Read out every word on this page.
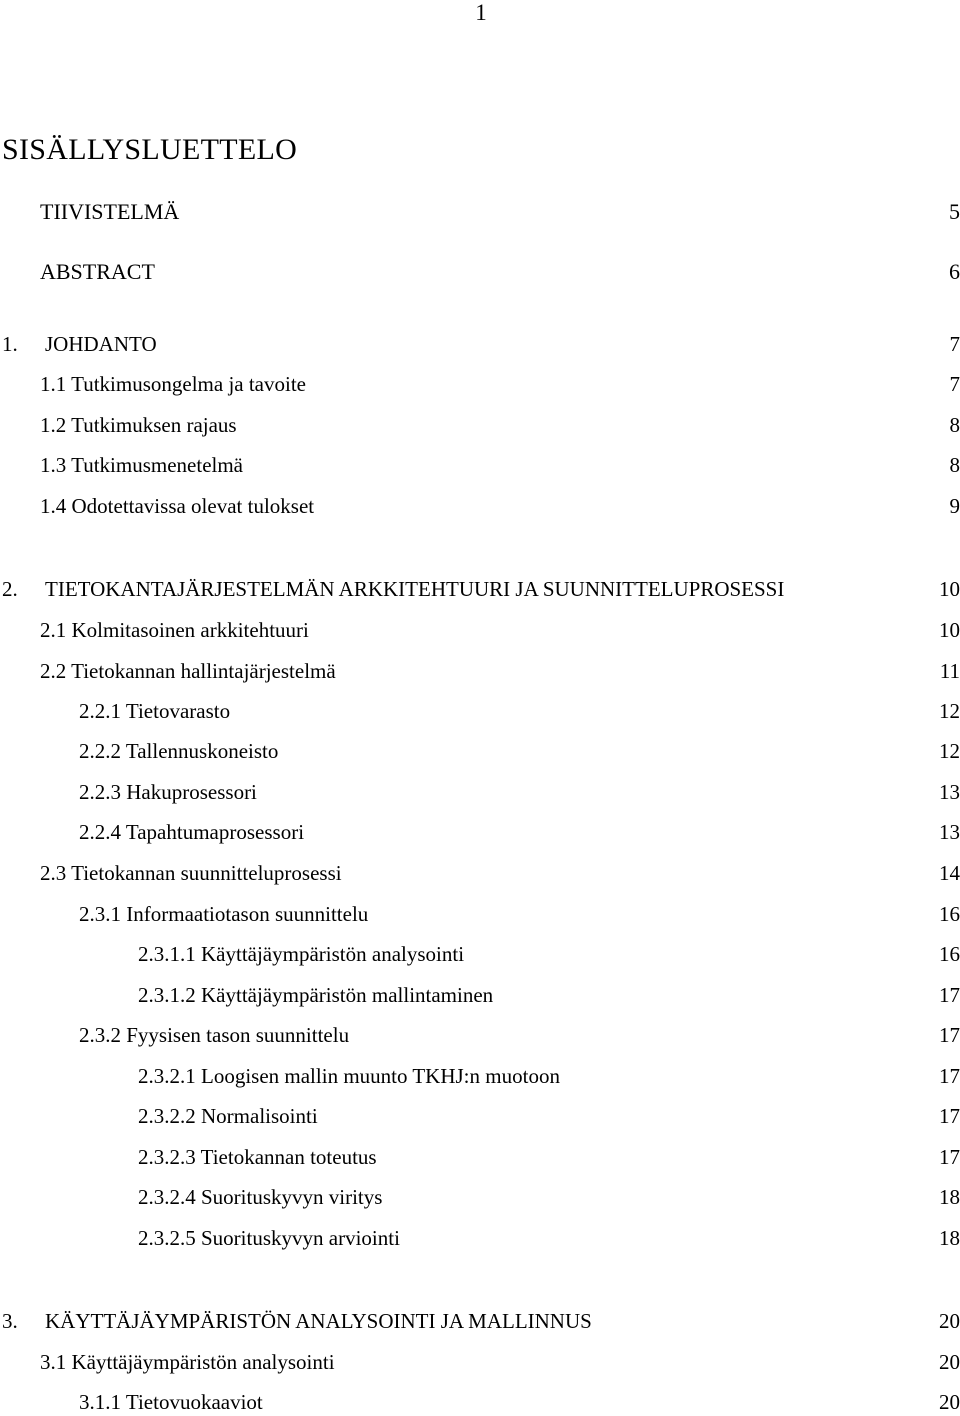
1
SISÄLLYSLUETTELO
TIIVISTELMÄ	5
ABSTRACT	6
1. JOHDANTO	7
1.1 Tutkimusongelma ja tavoite	7
1.2 Tutkimuksen rajaus	8
1.3 Tutkimusmenetelmä	8
1.4 Odotettavissa olevat tulokset	9
2. TIETOKANTAJÄRJESTELMÄN ARKKITEHTUURI JA SUUNNITTELUPROSESSI	10
2.1 Kolmitasoinen arkkitehtuuri	10
2.2 Tietokannan hallintajärjestelmä	11
2.2.1 Tietovarasto	12
2.2.2 Tallennuskoneisto	12
2.2.3 Hakuprosessori	13
2.2.4 Tapahtumaprosessori	13
2.3 Tietokannan suunnitteluprosessi	14
2.3.1 Informaatiotason suunnittelu	16
2.3.1.1 Käyttäjäympäristön analysointi	16
2.3.1.2 Käyttäjäympäristön mallintaminen	17
2.3.2 Fyysisen tason suunnittelu	17
2.3.2.1 Loogisen mallin muunto TKHJ:n muotoon	17
2.3.2.2 Normalisointi	17
2.3.2.3 Tietokannan toteutus	17
2.3.2.4 Suorituskyvyn viritys	18
2.3.2.5 Suorituskyvyn arviointi	18
3. KÄYTTÄJÄYMPÄRISTÖN ANALYSOINTI JA MALLINNUS	20
3.1 Käyttäjäympäristön analysointi	20
3.1.1 Tietovuokaaviot	20
